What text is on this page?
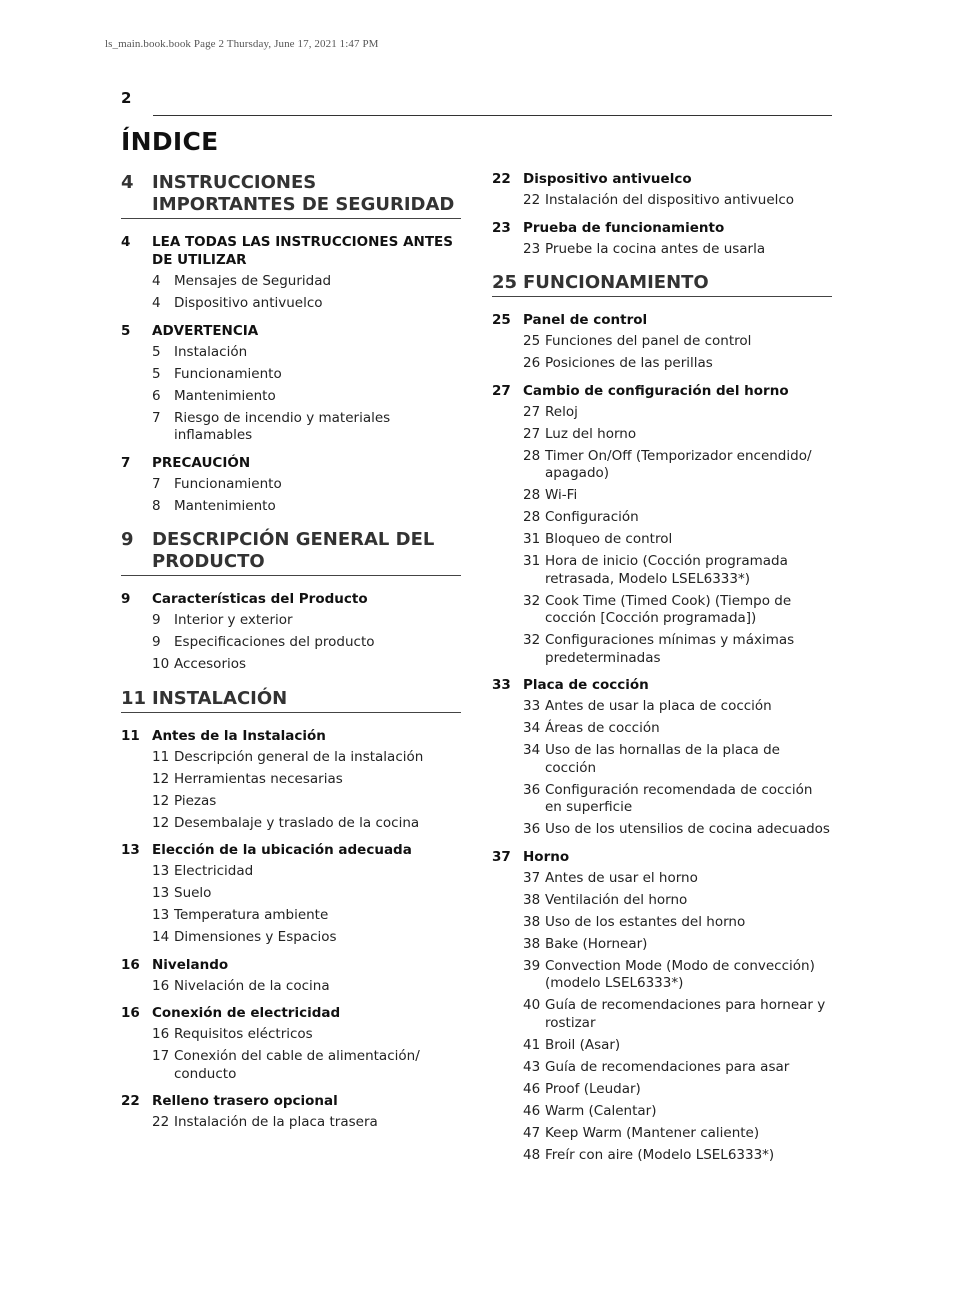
ls_main.book.book Page 2 Thursday, June 17, 2021 1:47 PM
2
ÍNDICE
4	INSTRUCCIONES IMPORTANTES DE SEGURIDAD
4	LEA TODAS LAS INSTRUCCIONES ANTES DE UTILIZAR
4 Mensajes de Seguridad
4 Dispositivo antivuelco
5	ADVERTENCIA
5 Instalación
5 Funcionamiento
6 Mantenimiento
7 Riesgo de incendio y materiales inflamables
7	PRECAUCIÓN
7 Funcionamiento
8 Mantenimiento
9	DESCRIPCIÓN GENERAL DEL PRODUCTO
9	Características del Producto
9 Interior y exterior
9 Especificaciones del producto
10 Accesorios
11 INSTALACIÓN
11 Antes de la Instalación
11 Descripción general de la instalación
12 Herramientas necesarias
12 Piezas
12 Desembalaje y traslado de la cocina
13 Elección de la ubicación adecuada
13 Electricidad
13 Suelo
13 Temperatura ambiente
14 Dimensiones y Espacios
16 Nivelando
16 Nivelación de la cocina
16 Conexión de electricidad
16 Requisitos eléctricos
17 Conexión del cable de alimentación/ conducto
22 Relleno trasero opcional
22 Instalación de la placa trasera
22 Dispositivo antivuelco
22 Instalación del dispositivo antivuelco
23 Prueba de funcionamiento
23 Pruebe la cocina antes de usarla
25 FUNCIONAMIENTO
25 Panel de control
25 Funciones del panel de control
26 Posiciones de las perillas
27 Cambio de configuración del horno
27 Reloj
27 Luz del horno
28 Timer On/Off (Temporizador encendido/ apagado)
28 Wi-Fi
28 Configuración
31 Bloqueo de control
31 Hora de inicio (Cocción programada retrasada, Modelo LSEL6333*)
32 Cook Time (Timed Cook) (Tiempo de cocción [Cocción programada])
32 Configuraciones mínimas y máximas predeterminadas
33 Placa de cocción
33 Antes de usar la placa de cocción
34 Áreas de cocción
34 Uso de las hornallas de la placa de cocción
36 Configuración recomendada de cocción en superficie
36 Uso de los utensilios de cocina adecuados
37 Horno
37 Antes de usar el horno
38 Ventilación del horno
38 Uso de los estantes del horno
38 Bake (Hornear)
39 Convection Mode (Modo de convección) (modelo LSEL6333*)
40 Guía de recomendaciones para hornear y rostizar
41 Broil (Asar)
43 Guía de recomendaciones para asar
46 Proof (Leudar)
46 Warm (Calentar)
47 Keep Warm (Mantener caliente)
48 Freír con aire (Modelo LSEL6333*)
